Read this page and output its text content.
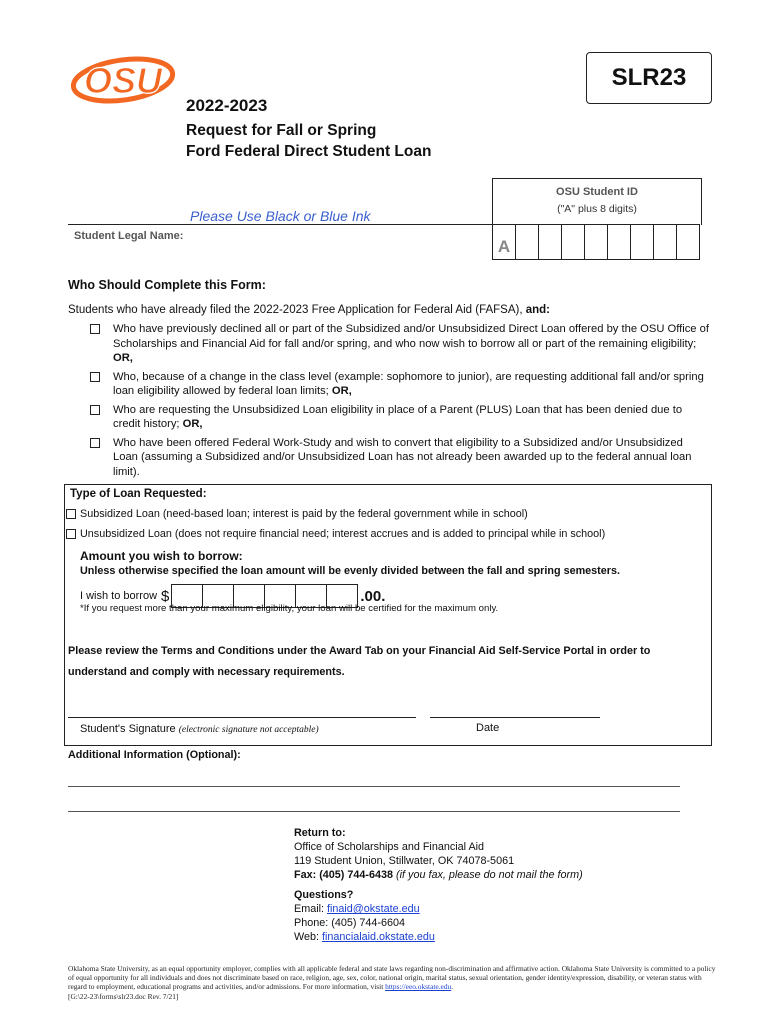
OSU	SLR23
2022-2023
Request for Fall or Spring
Ford Federal Direct Student Loan
Please Use Black or Blue Ink
OSU Student ID
("A" plus 8 digits)
Student Legal Name:
A
Who Should Complete this Form:
Students who have already filed the 2022-2023 Free Application for Federal Aid (FAFSA), and:
Who have previously declined all or part of the Subsidized and/or Unsubsidized Direct Loan offered by the OSU Office of Scholarships and Financial Aid for fall and/or spring, and who now wish to borrow all or part of the remaining eligibility; OR,
Who, because of a change in the class level (example: sophomore to junior), are requesting additional fall and/or spring loan eligibility allowed by federal loan limits; OR,
Who are requesting the Unsubsidized Loan eligibility in place of a Parent (PLUS) Loan that has been denied due to credit history; OR,
Who have been offered Federal Work-Study and wish to convert that eligibility to a Subsidized and/or Unsubsidized Loan (assuming a Subsidized and/or Unsubsidized Loan has not already been awarded up to the federal annual loan limit).
Type of Loan Requested:
Subsidized Loan (need-based loan; interest is paid by the federal government while in school)
Unsubsidized Loan (does not require financial need; interest accrues and is added to principal while in school)
Amount you wish to borrow:
Unless otherwise specified the loan amount will be evenly divided between the fall and spring semesters.
I wish to borrow $	.00.
*If you request more than your maximum eligibility, your loan will be certified for the maximum only.
Please review the Terms and Conditions under the Award Tab on your Financial Aid Self-Service Portal in order to understand and comply with necessary requirements.
Student's Signature (electronic signature not acceptable)	Date
Additional Information (Optional):
Return to:
Office of Scholarships and Financial Aid
119 Student Union, Stillwater, OK 74078-5061
Fax: (405) 744-6438 (if you fax, please do not mail the form)

Questions?
Email: finaid@okstate.edu
Phone: (405) 744-6604
Web: financialaid.okstate.edu
Oklahoma State University, as an equal opportunity employer, complies with all applicable federal and state laws regarding non-discrimination and affirmative action. Oklahoma State University is committed to a policy of equal opportunity for all individuals and does not discriminate based on race, religion, age, sex, color, national origin, marital status, sexual orientation, gender identity/expression, disability, or veteran status with regard to employment, educational programs and activities, and/or admissions. For more information, visit https://eeo.okstate.edu.
[G:\22-23\forms\slr23.doc Rev. 7/21]
